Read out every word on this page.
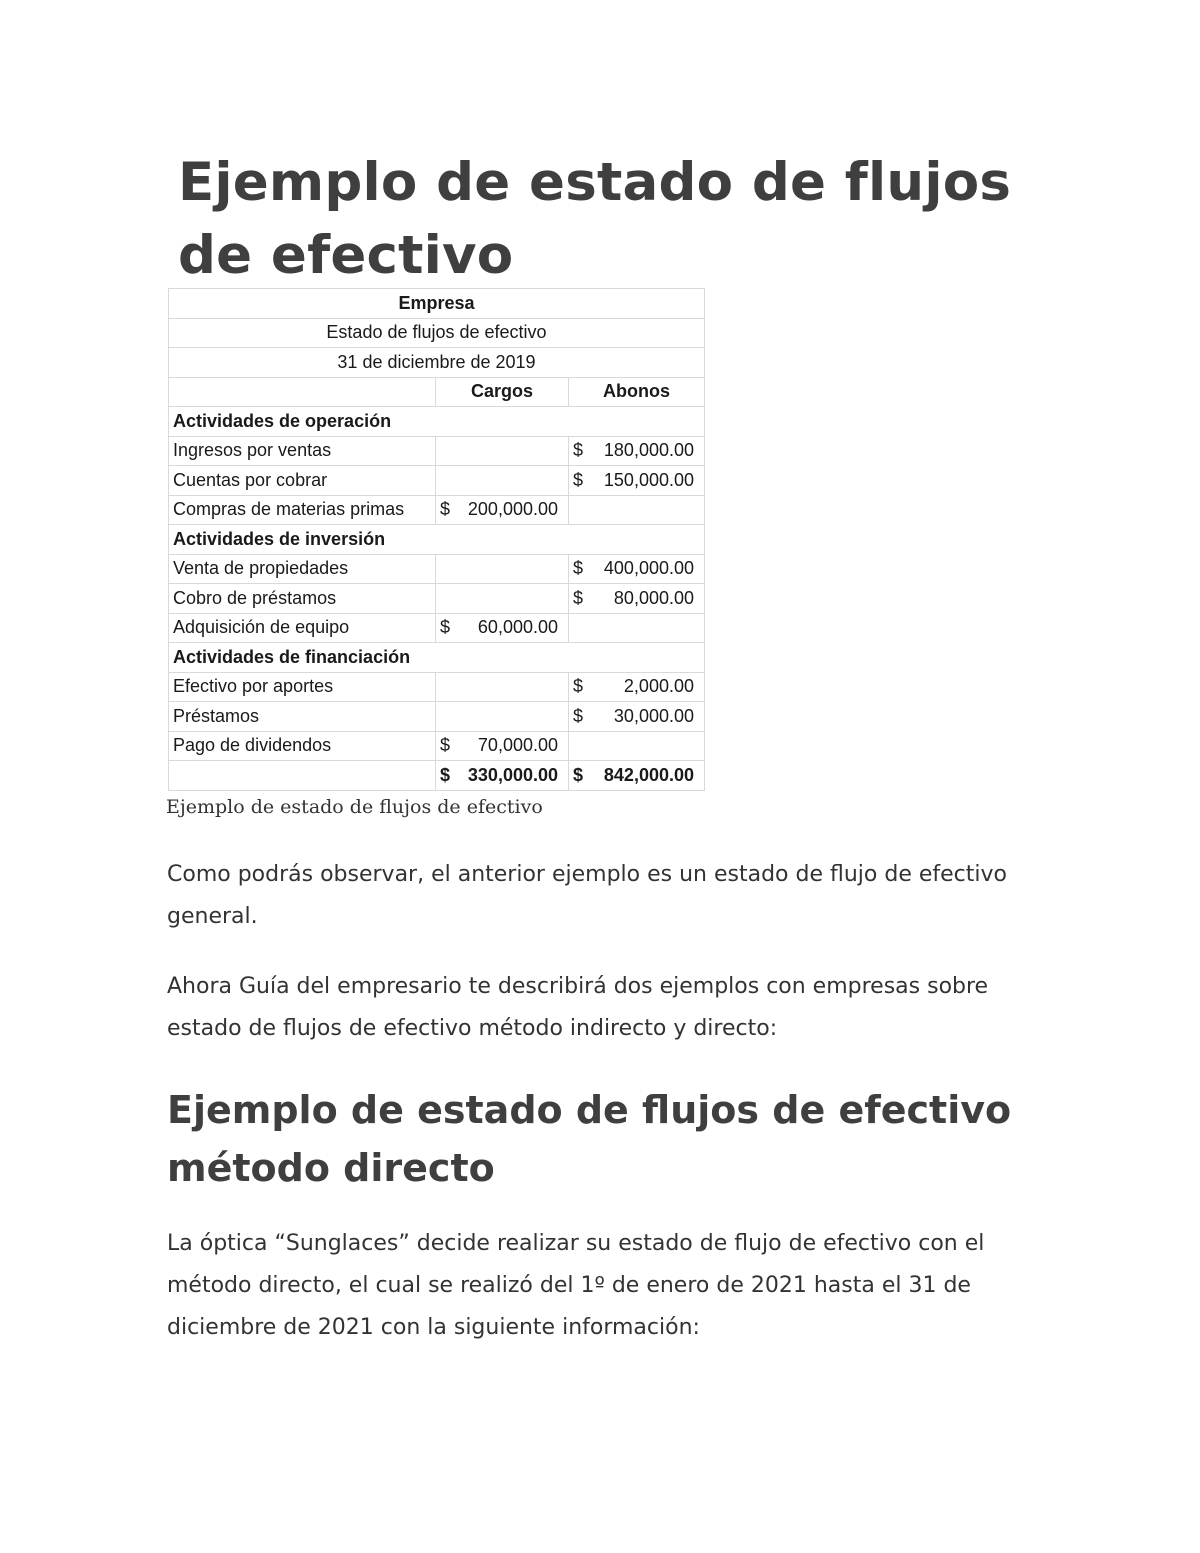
Ejemplo de estado de flujos de efectivo
Empresa		
Estado de flujos de efectivo		
31 de diciembre de 2019		
	Cargos	Abonos
Actividades de operación		
Ingresos por ventas		$ 180,000.00

Cuentas por cobrar		$ 150,000.00

Compras de materias primas	$ 200,000.00	

Actividades de inversión		
Venta de propiedades		$ 400,000.00

Cobro de préstamos		$ 80,000.00

Adquisición de equipo	$ 60,000.00	

Actividades de financiación		
Efectivo por aportes		$ 2,000.00

Préstamos		$ 30,000.00

Pago de dividendos	$ 70,000.00	

	$ 330,000.00	$ 842,000.00

Ejemplo de estado de flujos de efectivo

Como podrás observar, el anterior ejemplo es un estado de flujo de efectivo general.

Ahora Guía del empresario te describirá dos ejemplos con empresas sobre estado de flujos de efectivo método indirecto y directo:

Ejemplo de estado de flujos de efectivo método directo

La óptica “Sunglaces” decide realizar su estado de flujo de efectivo con el método directo, el cual se realizó del 1º de enero de 2021 hasta el 31 de diciembre de 2021 con la siguiente información:
